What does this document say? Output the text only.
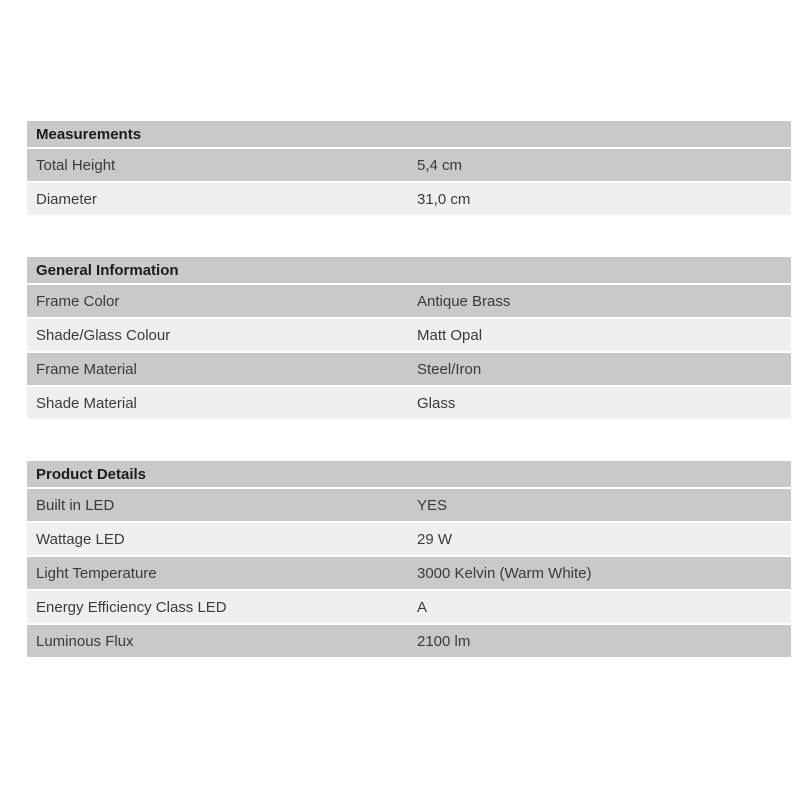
Measurements
Total Height	5,4 cm
Diameter	31,0 cm
General Information
Frame Color	Antique Brass
Shade/Glass Colour	Matt Opal
Frame Material	Steel/Iron
Shade Material	Glass
Product Details
Built in LED	YES
Wattage LED	29 W
Light Temperature	3000 Kelvin (Warm White)
Energy Efficiency Class LED	A
Luminous Flux	2100 lm
